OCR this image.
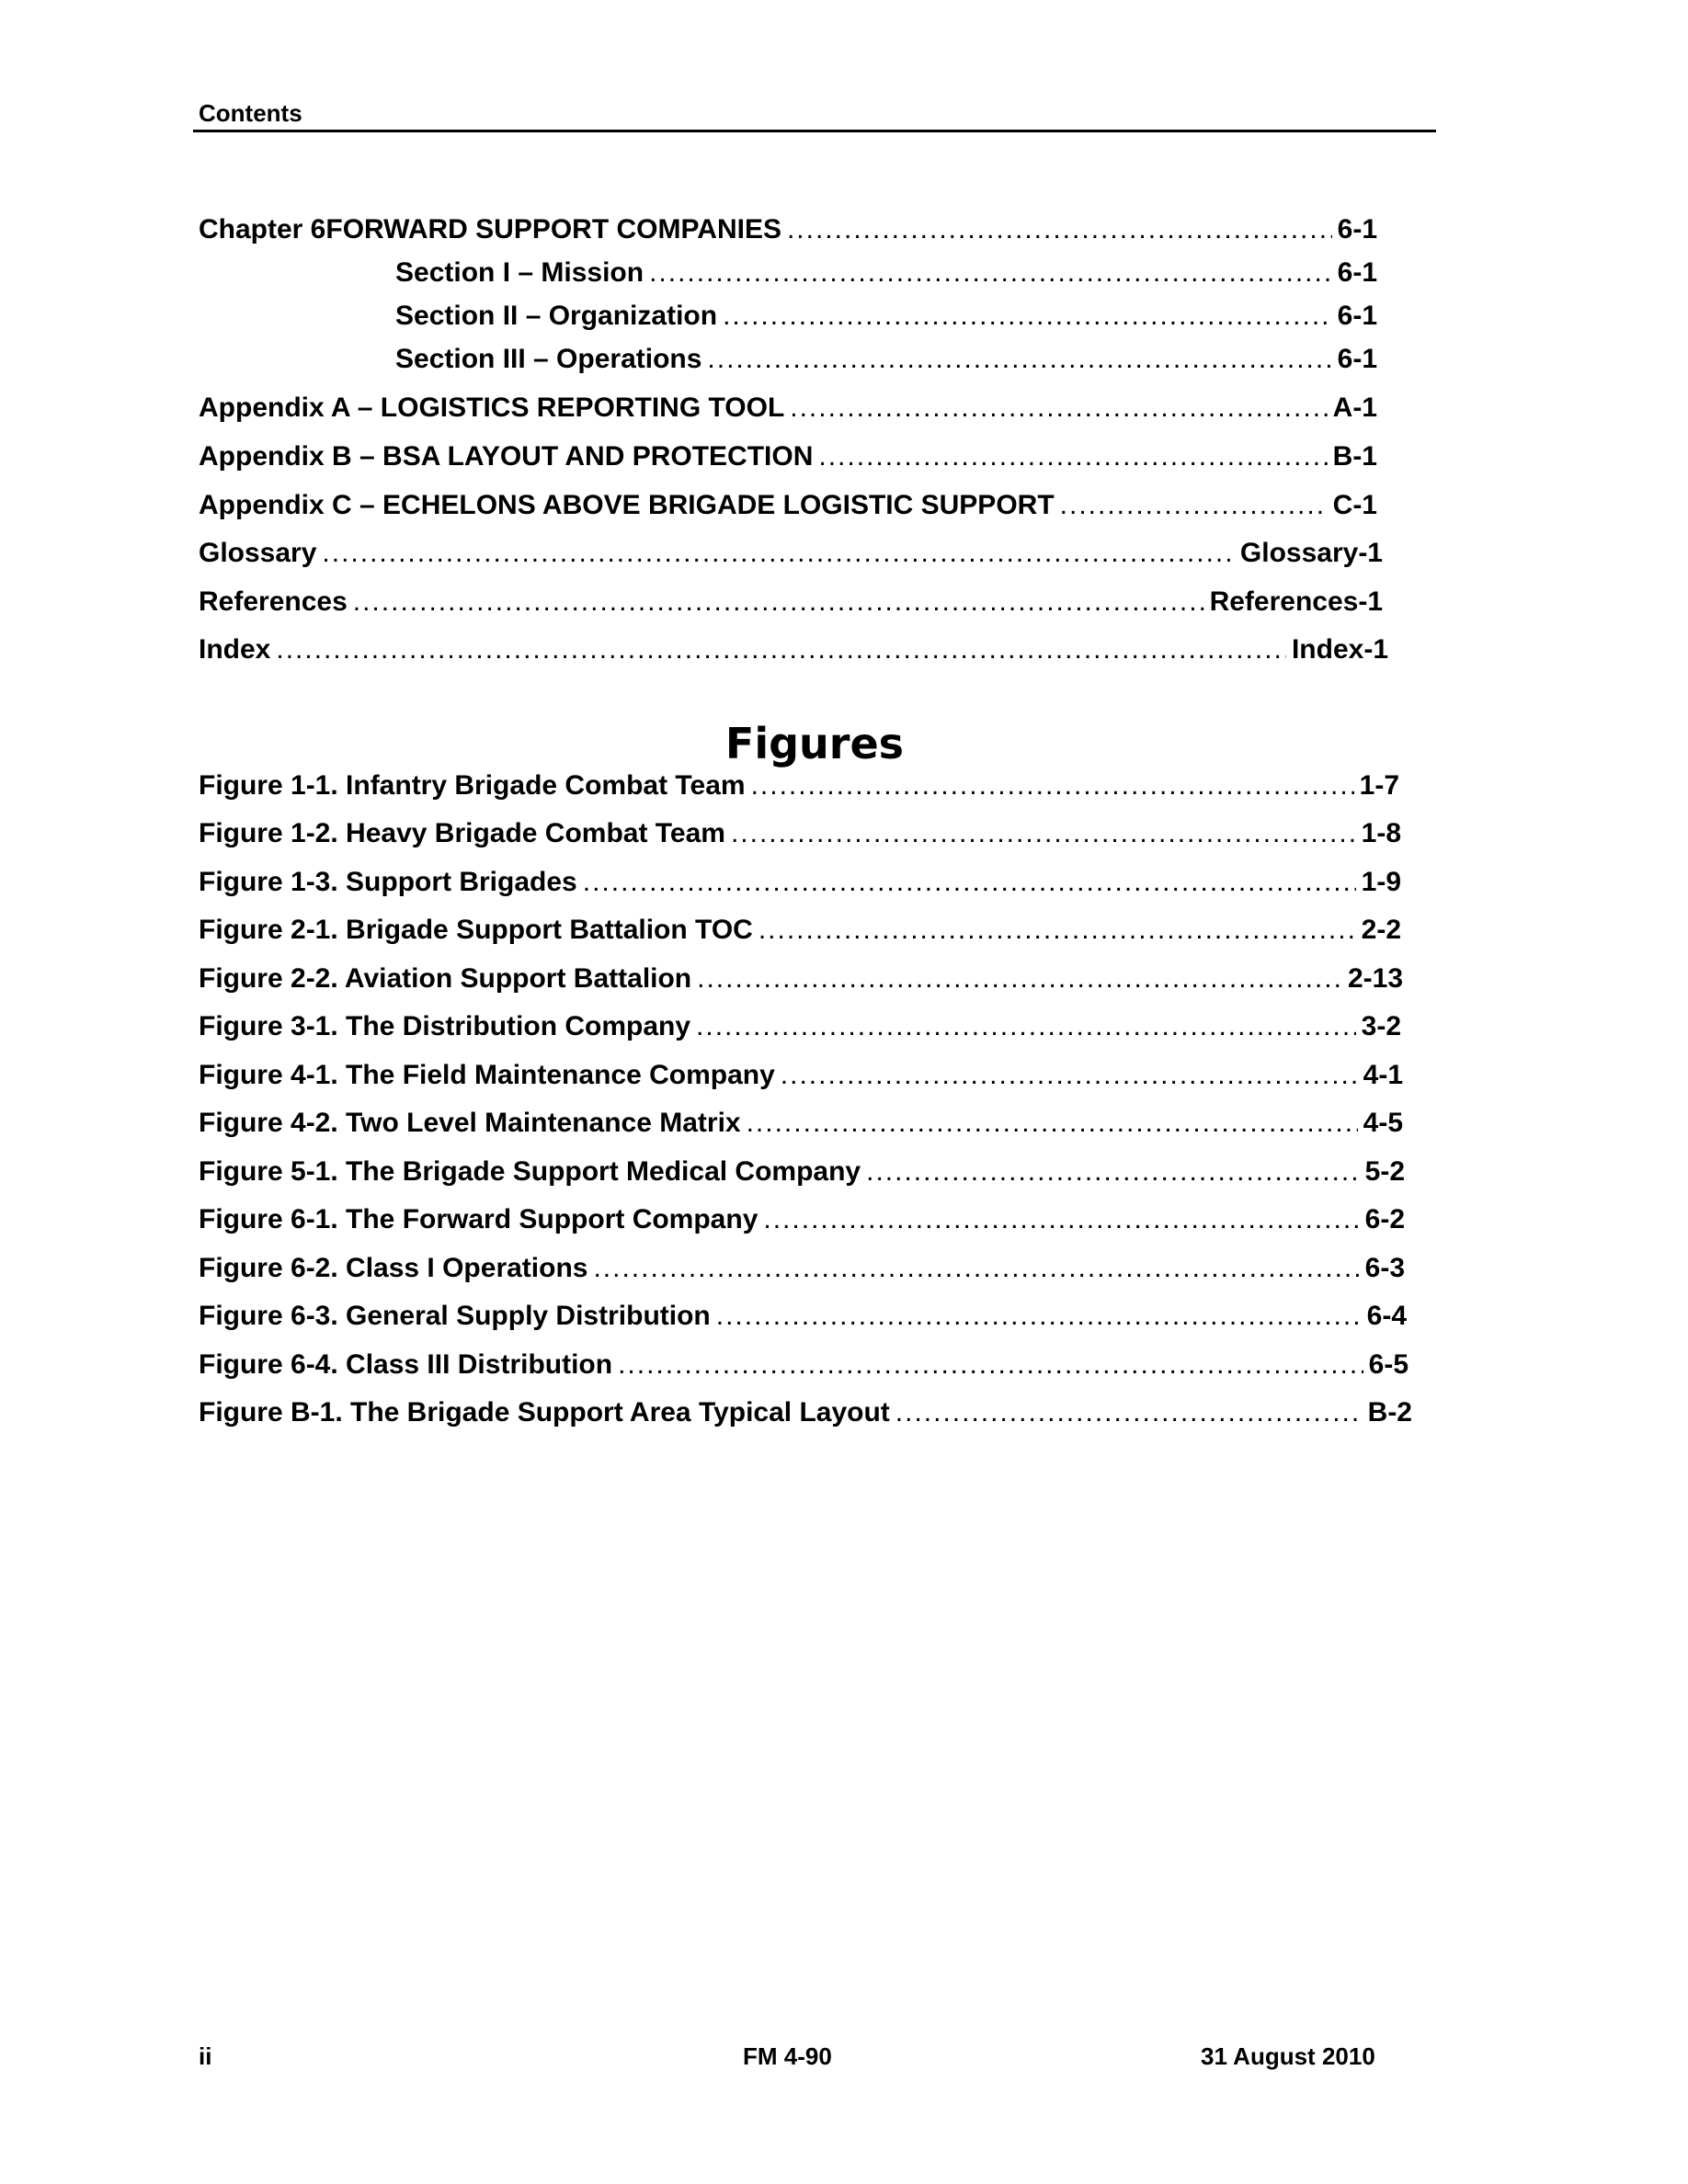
Contents
Chapter 6 FORWARD SUPPORT COMPANIES .....	6-1
Section I – Mission .....	6-1
Section II – Organization .....	6-1
Section III – Operations .....	6-1
Appendix A – LOGISTICS REPORTING TOOL .....	A-1
Appendix B – BSA LAYOUT AND PROTECTION .....	B-1
Appendix C – ECHELONS ABOVE BRIGADE LOGISTIC SUPPORT .....	C-1
Glossary .....	Glossary-1
References .....	References-1
Index .....	Index-1
Figures
Figure 1-1. Infantry Brigade Combat Team .....	1-7
Figure 1-2. Heavy Brigade Combat Team .....	1-8
Figure 1-3. Support Brigades .....	1-9
Figure 2-1. Brigade Support Battalion TOC .....	2-2
Figure 2-2. Aviation Support Battalion .....	2-13
Figure 3-1. The Distribution Company .....	3-2
Figure 4-1. The Field Maintenance Company .....	4-1
Figure 4-2. Two Level Maintenance Matrix .....	4-5
Figure 5-1. The Brigade Support Medical Company .....	5-2
Figure 6-1. The Forward Support Company .....	6-2
Figure 6-2. Class I Operations .....	6-3
Figure 6-3. General Supply Distribution .....	6-4
Figure 6-4. Class III Distribution .....	6-5
Figure B-1. The Brigade Support Area Typical Layout .....	B-2
ii	FM 4-90	31 August 2010
